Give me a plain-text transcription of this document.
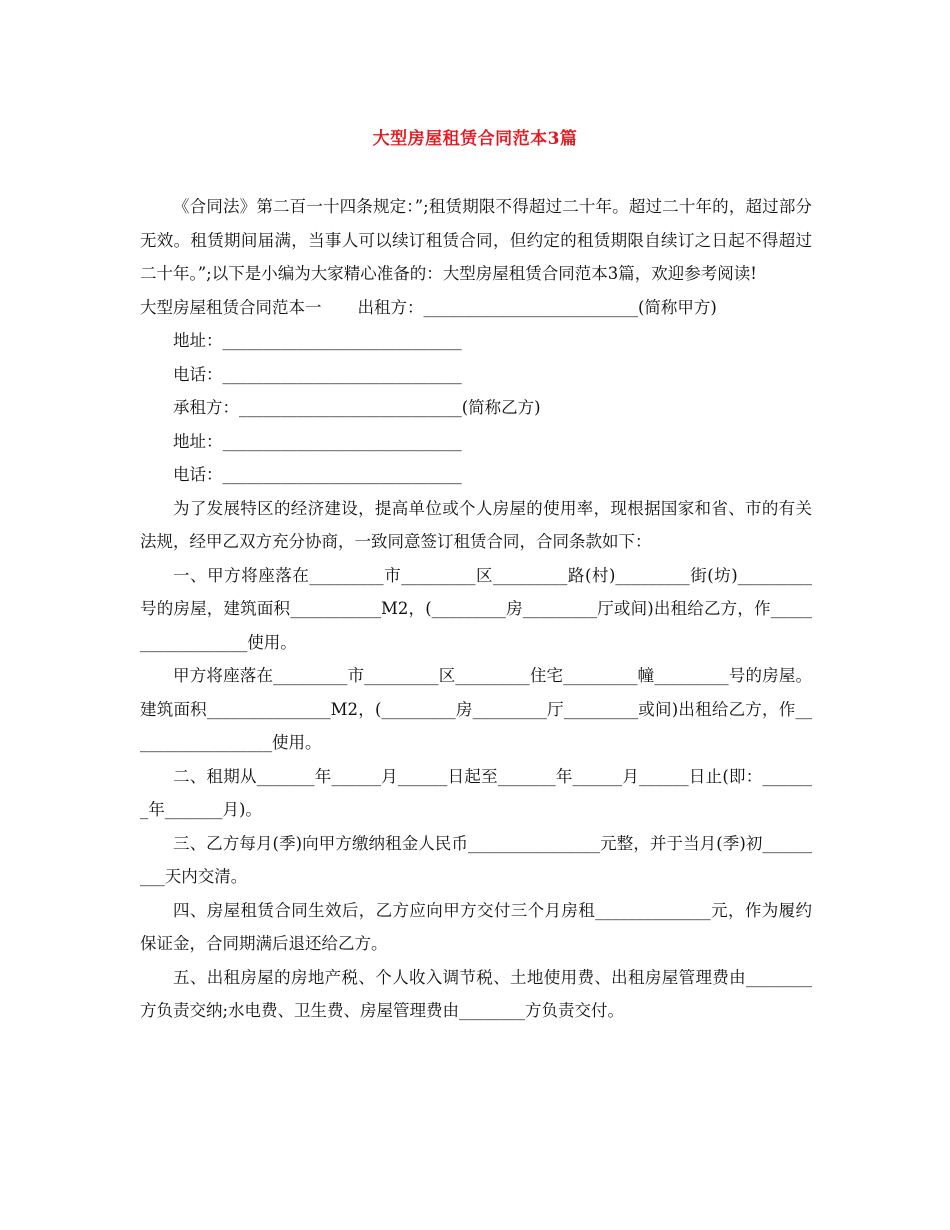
大型房屋租赁合同范本3篇

《合同法》第二百一十四条规定：”;租赁期限不得超过二十年。超过二十年的，超过部分无效。租赁期间届满，当事人可以续订租赁合同，但约定的租赁期限自续订之日起不得超过二十年。”;以下是小编为大家精心准备的：大型房屋租赁合同范本3篇，欢迎参考阅读!

大型房屋租赁合同范本一 出租方：__________________________(简称甲方)

地址：_____________________________

电话：_____________________________

承租方：___________________________(简称乙方)

地址：_____________________________

电话：_____________________________

为了发展特区的经济建设，提高单位或个人房屋的使用率，现根据国家和省、市的有关法规，经甲乙双方充分协商，一致同意签订租赁合同，合同条款如下：

一、甲方将座落在_________市_________区_________路(村)_________街(坊)_________号的房屋，建筑面积___________M2，(_________房_________厅或间)出租给乙方，作__________________使用。

甲方将座落在_________市_________区_________住宅_________幢_________号的房屋。建筑面积_______________M2，(_________房_________厅_________或间)出租给乙方，作__________________使用。

二、租期从_______年______月______日起至_______年______月______日止(即：_______年_______月)。

三、乙方每月(季)向甲方缴纳租金人民币________________元整，并于当月(季)初_________天内交清。

四、房屋租赁合同生效后，乙方应向甲方交付三个月房租______________元，作为履约保证金，合同期满后退还给乙方。

五、出租房屋的房地产税、个人收入调节税、土地使用费、出租房屋管理费由________方负责交纳;水电费、卫生费、房屋管理费由________方负责交付。
